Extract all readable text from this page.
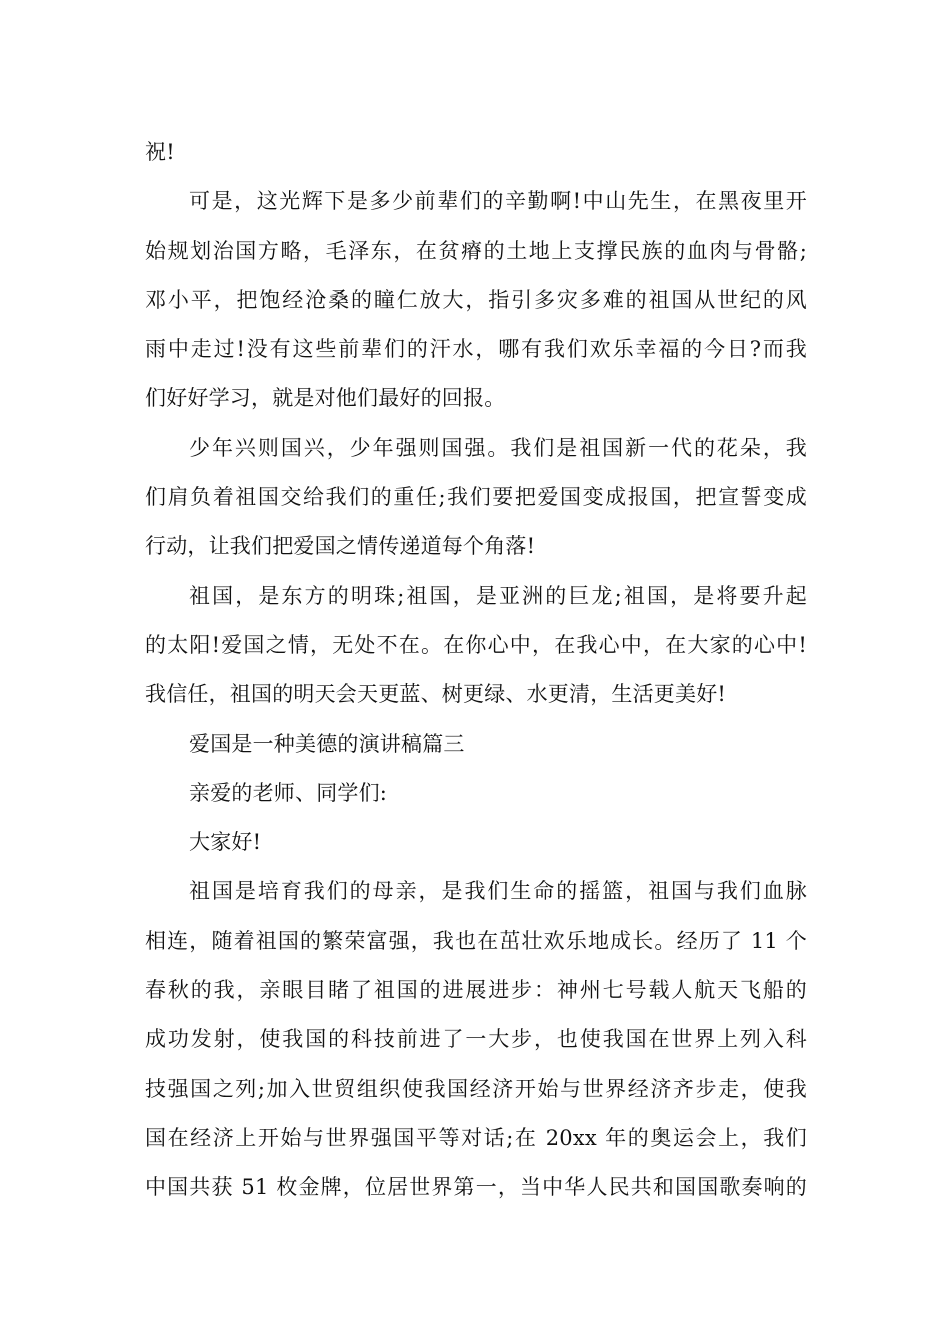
祝!
可是，这光辉下是多少前辈们的辛勤啊!中山先生，在黑夜里开
始规划治国方略，毛泽东，在贫瘠的土地上支撑民族的血肉与骨骼;
邓小平，把饱经沧桑的瞳仁放大，指引多灾多难的祖国从世纪的风
雨中走过!没有这些前辈们的汗水，哪有我们欢乐幸福的今日?而我
们好好学习，就是对他们最好的回报。
少年兴则国兴，少年强则国强。我们是祖国新一代的花朵，我
们肩负着祖国交给我们的重任;我们要把爱国变成报国，把宣誓变成
行动，让我们把爱国之情传递道每个角落!
祖国，是东方的明珠;祖国，是亚洲的巨龙;祖国，是将要升起
的太阳!爱国之情，无处不在。在你心中，在我心中，在大家的心中!
我信任，祖国的明天会天更蓝、树更绿、水更清，生活更美好!
爱国是一种美德的演讲稿篇三
亲爱的老师、同学们:
大家好!
祖国是培育我们的母亲，是我们生命的摇篮，祖国与我们血脉
相连，随着祖国的繁荣富强，我也在茁壮欢乐地成长。经历了 11 个
春秋的我，亲眼目睹了祖国的进展进步：神州七号载人航天飞船的
成功发射，使我国的科技前进了一大步，也使我国在世界上列入科
技强国之列;加入世贸组织使我国经济开始与世界经济齐步走，使我
国在经济上开始与世界强国平等对话;在 20xx 年的奥运会上，我们
中国共获 51 枚金牌，位居世界第一，当中华人民共和国国歌奏响的
